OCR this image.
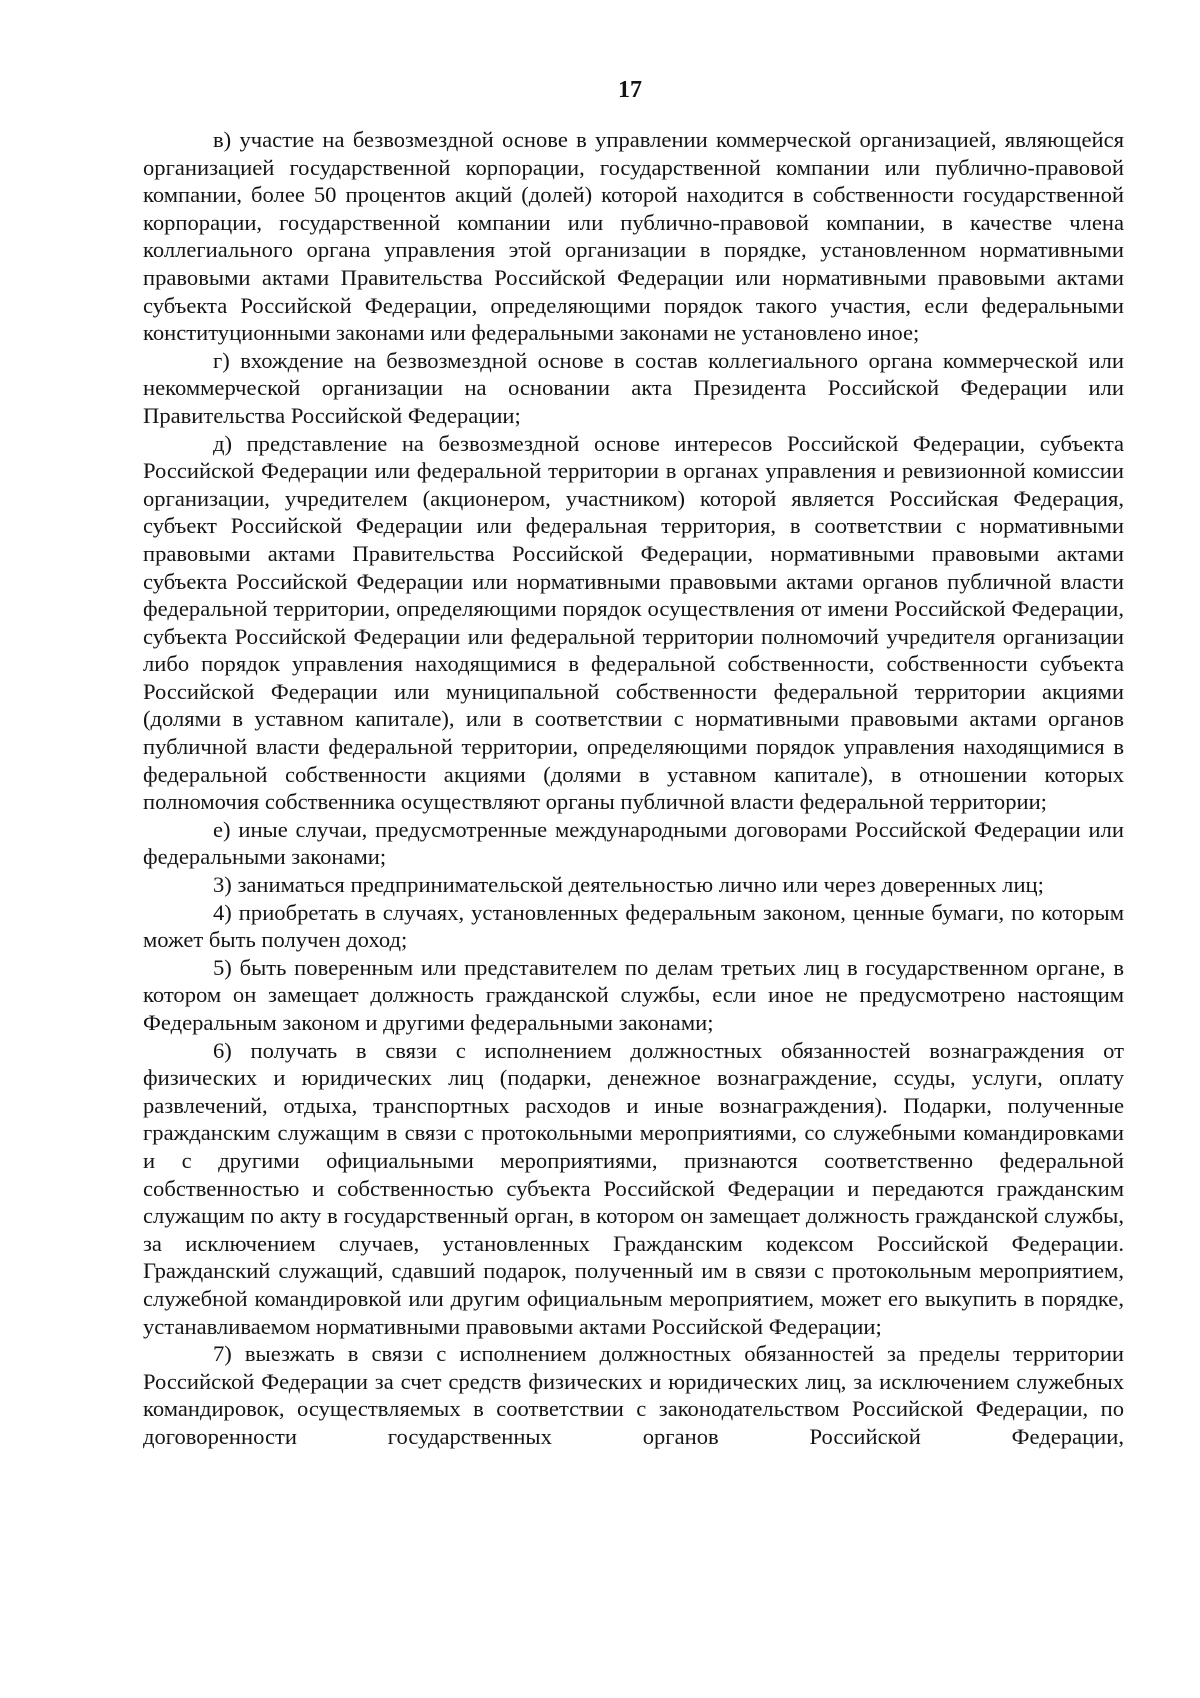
17

в) участие на безвозмездной основе в управлении коммерческой организацией, являющейся организацией государственной корпорации, государственной компании или публично-правовой компании, более 50 процентов акций (долей) которой находится в собственности государственной корпорации, государственной компании или публично-правовой компании, в качестве члена коллегиального органа управления этой организации в порядке, установленном нормативными правовыми актами Правительства Российской Федерации или нормативными правовыми актами субъекта Российской Федерации, определяющими порядок такого участия, если федеральными конституционными законами или федеральными законами не установлено иное;

г) вхождение на безвозмездной основе в состав коллегиального органа коммерческой или некоммерческой организации на основании акта Президента Российской Федерации или Правительства Российской Федерации;

д) представление на безвозмездной основе интересов Российской Федерации, субъекта Российской Федерации или федеральной территории в органах управления и ревизионной комиссии организации, учредителем (акционером, участником) которой является Российская Федерация, субъект Российской Федерации или федеральная территория, в соответствии с нормативными правовыми актами Правительства Российской Федерации, нормативными правовыми актами субъекта Российской Федерации или нормативными правовыми актами органов публичной власти федеральной территории, определяющими порядок осуществления от имени Российской Федерации, субъекта Российской Федерации или федеральной территории полномочий учредителя организации либо порядок управления находящимися в федеральной собственности, собственности субъекта Российской Федерации или муниципальной собственности федеральной территории акциями (долями в уставном капитале), или в соответствии с нормативными правовыми актами органов публичной власти федеральной территории, определяющими порядок управления находящимися в федеральной собственности акциями (долями в уставном капитале), в отношении которых полномочия собственника осуществляют органы публичной власти федеральной территории;

е) иные случаи, предусмотренные международными договорами Российской Федерации или федеральными законами;

3) заниматься предпринимательской деятельностью лично или через доверенных лиц;

4) приобретать в случаях, установленных федеральным законом, ценные бумаги, по которым может быть получен доход;

5) быть поверенным или представителем по делам третьих лиц в государственном органе, в котором он замещает должность гражданской службы, если иное не предусмотрено настоящим Федеральным законом и другими федеральными законами;

6) получать в связи с исполнением должностных обязанностей вознаграждения от физических и юридических лиц (подарки, денежное вознаграждение, ссуды, услуги, оплату развлечений, отдыха, транспортных расходов и иные вознаграждения). Подарки, полученные гражданским служащим в связи с протокольными мероприятиями, со служебными командировками и с другими официальными мероприятиями, признаются соответственно федеральной собственностью и собственностью субъекта Российской Федерации и передаются гражданским служащим по акту в государственный орган, в котором он замещает должность гражданской службы, за исключением случаев, установленных Гражданским кодексом Российской Федерации. Гражданский служащий, сдавший подарок, полученный им в связи с протокольным мероприятием, служебной командировкой или другим официальным мероприятием, может его выкупить в порядке, устанавливаемом нормативными правовыми актами Российской Федерации;

7) выезжать в связи с исполнением должностных обязанностей за пределы территории Российской Федерации за счет средств физических и юридических лиц, за исключением служебных командировок, осуществляемых в соответствии с законодательством Российской Федерации, по договоренности государственных органов Российской Федерации,
